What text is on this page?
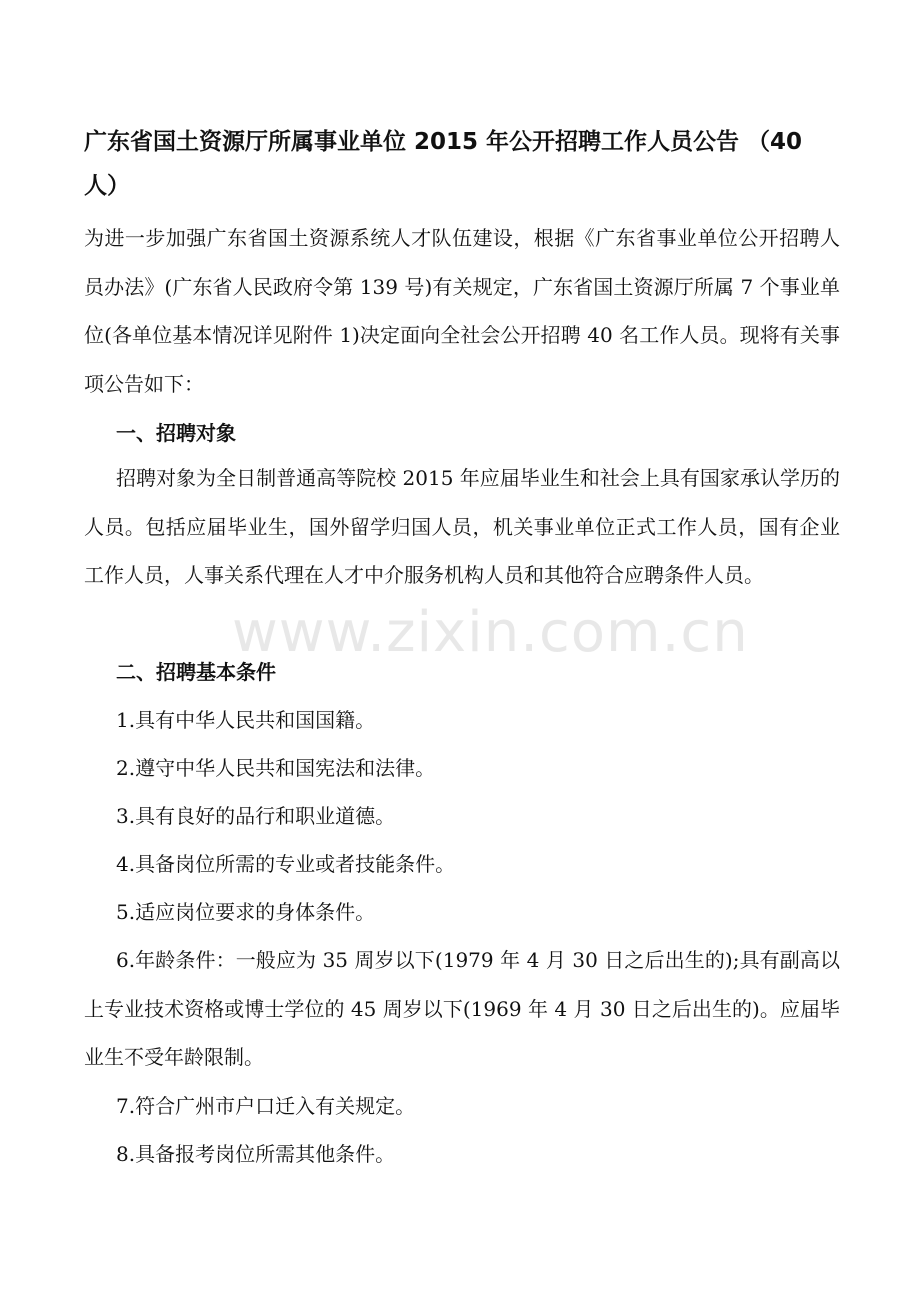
广东省国土资源厅所属事业单位 2015 年公开招聘工作人员公告 （40 人）

为进一步加强广东省国土资源系统人才队伍建设，根据《广东省事业单位公开招聘人员办法》(广东省人民政府令第 139 号)有关规定，广东省国土资源厅所属 7 个事业单位(各单位基本情况详见附件 1)决定面向全社会公开招聘 40 名工作人员。现将有关事项公告如下：

一、招聘对象

招聘对象为全日制普通高等院校 2015 年应届毕业生和社会上具有国家承认学历的人员。包括应届毕业生，国外留学归国人员，机关事业单位正式工作人员，国有企业工作人员，人事关系代理在人才中介服务机构人员和其他符合应聘条件人员。

二、招聘基本条件

1.具有中华人民共和国国籍。

2.遵守中华人民共和国宪法和法律。

3.具有良好的品行和职业道德。

4.具备岗位所需的专业或者技能条件。

5.适应岗位要求的身体条件。

6.年龄条件：一般应为 35 周岁以下(1979 年 4 月 30 日之后出生的);具有副高以上专业技术资格或博士学位的 45 周岁以下(1969 年 4 月 30 日之后出生的)。应届毕业生不受年龄限制。

7.符合广州市户口迁入有关规定。

8.具备报考岗位所需其他条件。

www.zixin.com.cn
